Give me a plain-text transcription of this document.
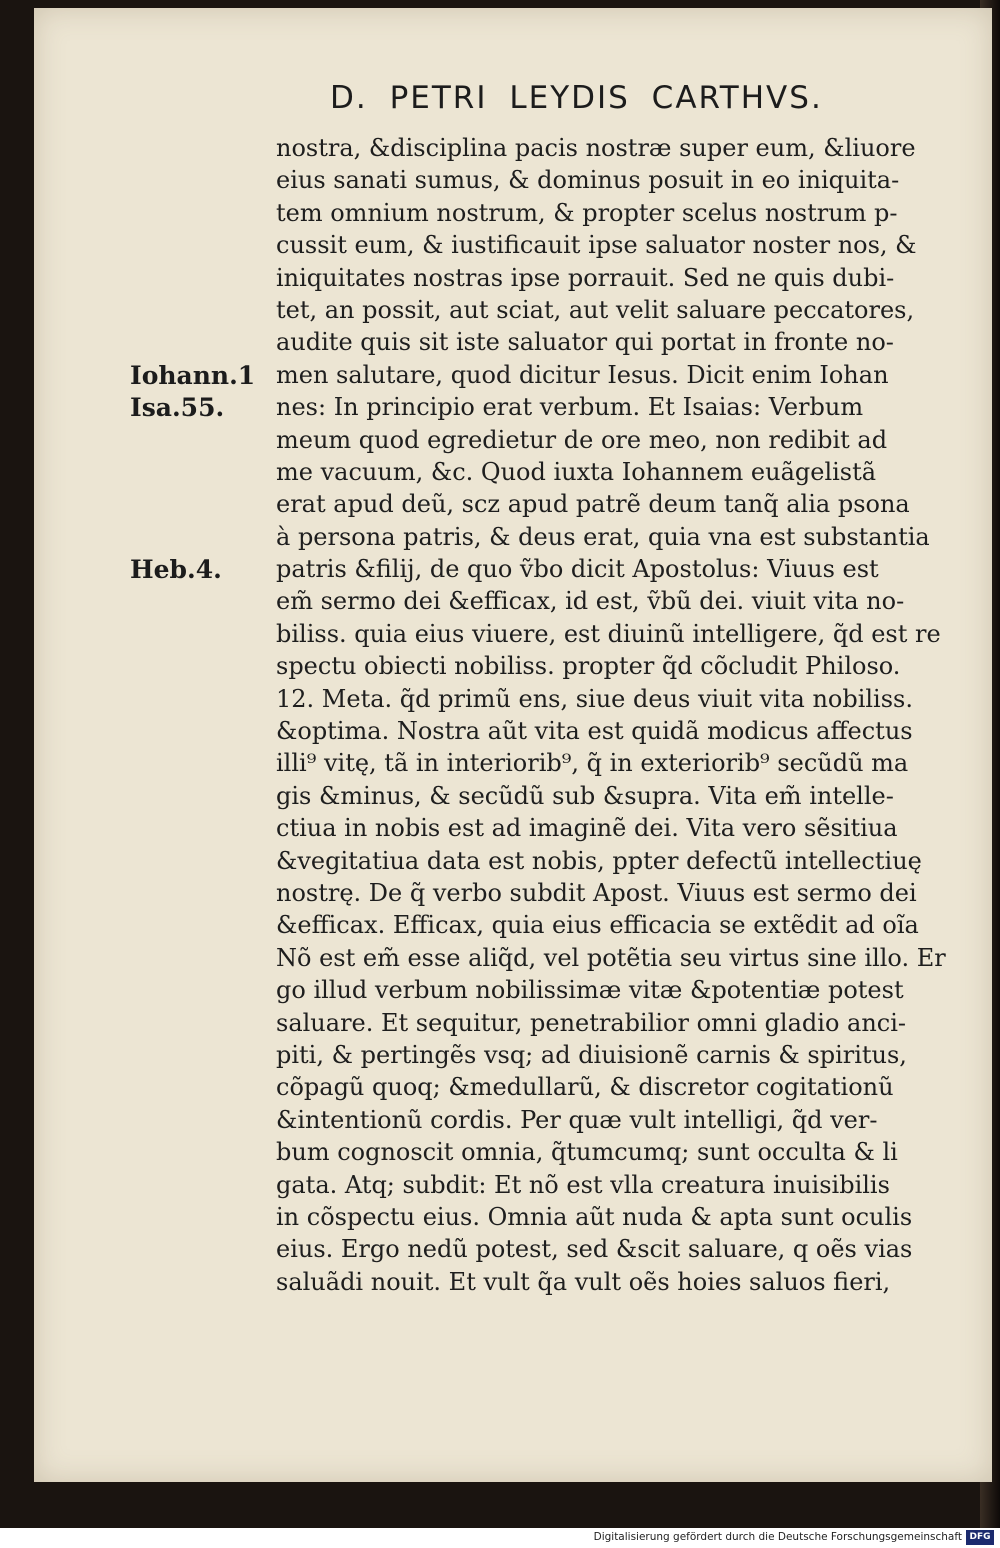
D. PETRI LEYDIS CARTHVS.
Iohann.1
Isa.55.
Heb.4.
nostra, &disciplina pacis nostræ super eum, &liuore
eius sanati sumus, & dominus posuit in eo iniquita-
tem omnium nostrum, & propter scelus nostrum p-
cussit eum, & iustificauit ipse saluator noster nos, &
iniquitates nostras ipse porrauit. Sed ne quis dubi-
tet, an possit, aut sciat, aut velit saluare peccatores,
audite quis sit iste saluator qui portat in fronte no-
men salutare, quod dicitur Iesus. Dicit enim Iohan
nes: In principio erat verbum. Et Isaias: Verbum
meum quod egredietur de ore meo, non redibit ad
me vacuum, &c. Quod iuxta Iohannem euãgelistã
erat apud deũ, scz apud patrẽ deum tanq̃ alia psona
à persona patris, & deus erat, quia vna est substantia
patris &filij, de quo ṽbo dicit Apostolus: Viuus est
em̃ sermo dei &efficax, id est, ṽbũ dei. viuit vita no-
biliss. quia eius viuere, est diuinũ intelligere, q̃d est re
spectu obiecti nobiliss. propter q̃d cõcludit Philoso.
12. Meta. q̃d primũ ens, siue deus viuit vita nobiliss.
&optima. Nostra aũt vita est quidã modicus affectus
illi⁹ vitę, tã in interiorib⁹, q̃ in exteriorib⁹ secũdũ ma
gis &minus, & secũdũ sub &supra. Vita em̃ intelle-
ctiua in nobis est ad imaginẽ dei. Vita vero sẽsitiua
&vegitatiua data est nobis, ppter defectũ intellectiuę
nostrę. De q̃ verbo subdit Apost. Viuus est sermo dei
&efficax. Efficax, quia eius efficacia se extẽdit ad oĩa
Nõ est em̃ esse aliq̃d, vel potẽtia seu virtus sine illo. Er
go illud verbum nobilissimæ vitæ &potentiæ potest
saluare. Et sequitur, penetrabilior omni gladio anci-
piti, & pertingẽs vsq; ad diuisionẽ carnis & spiritus,
cõpagũ quoq; &medullarũ, & discretor cogitationũ
&intentionũ cordis. Per quæ vult intelligi, q̃d ver-
bum cognoscit omnia, q̃tumcumq; sunt occulta & li
gata. Atq; subdit: Et nõ est vlla creatura inuisibilis
in cõspectu eius. Omnia aũt nuda & apta sunt oculis
eius. Ergo nedũ potest, sed &scit saluare, q oẽs vias
saluãdi nouit. Et vult q̃a vult oẽs hoies saluos fieri,
Digitalisierung gefördert durch die Deutsche Forschungsgemeinschaft DFG
